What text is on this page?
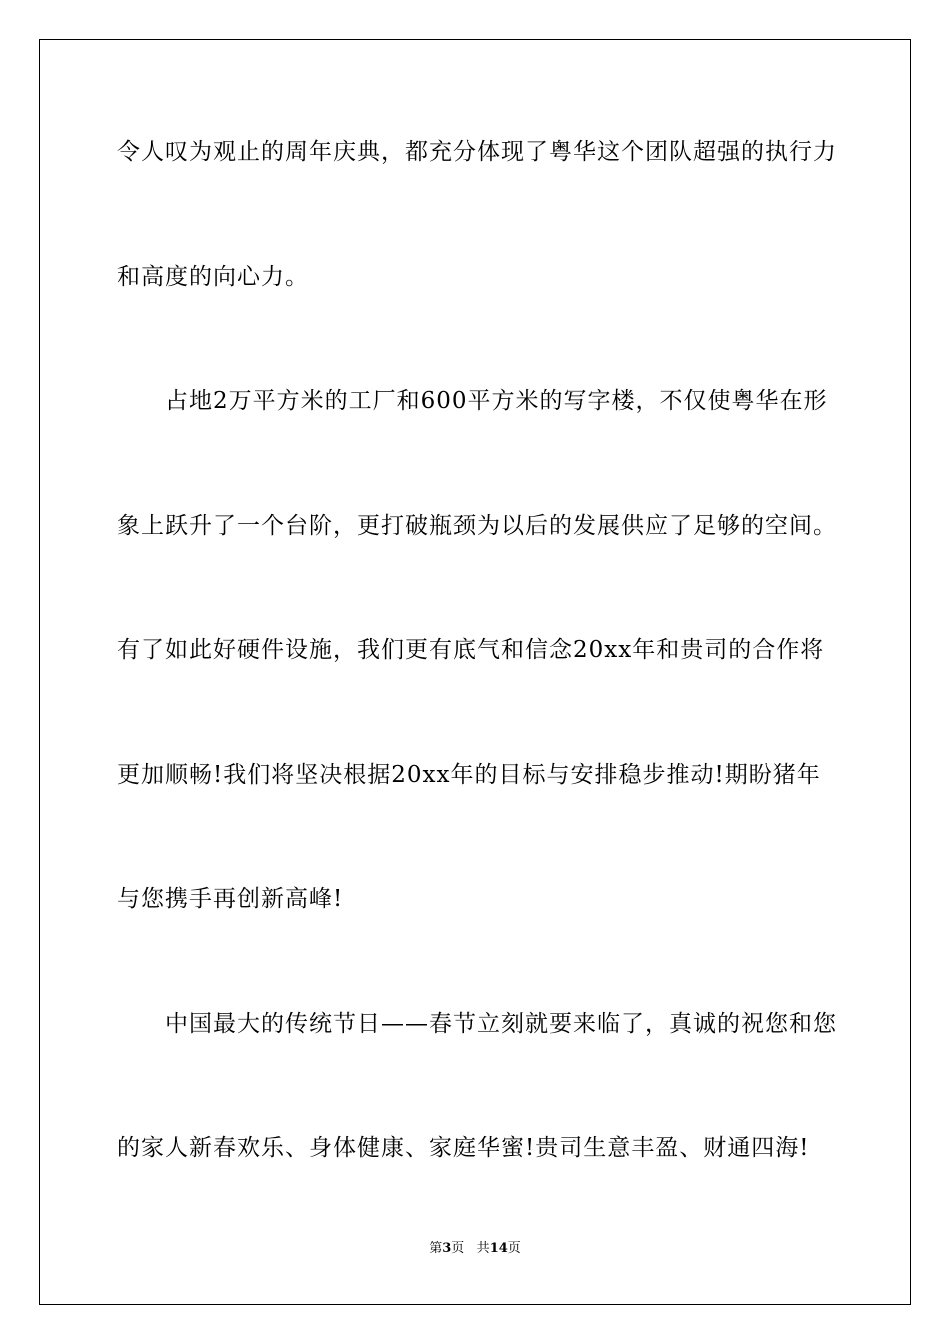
令人叹为观止的周年庆典，都充分体现了粤华这个团队超强的执行力
和高度的向心力。
占地2万平方米的工厂和600平方米的写字楼，不仅使粤华在形
象上跃升了一个台阶，更打破瓶颈为以后的发展供应了足够的空间。
有了如此好硬件设施，我们更有底气和信念20xx年和贵司的合作将
更加顺畅!我们将坚决根据20xx年的目标与安排稳步推动!期盼猪年
与您携手再创新高峰!
中国最大的传统节日——春节立刻就要来临了，真诚的祝您和您
的家人新春欢乐、身体健康、家庭华蜜!贵司生意丰盈、财通四海!
第3页 共14页
